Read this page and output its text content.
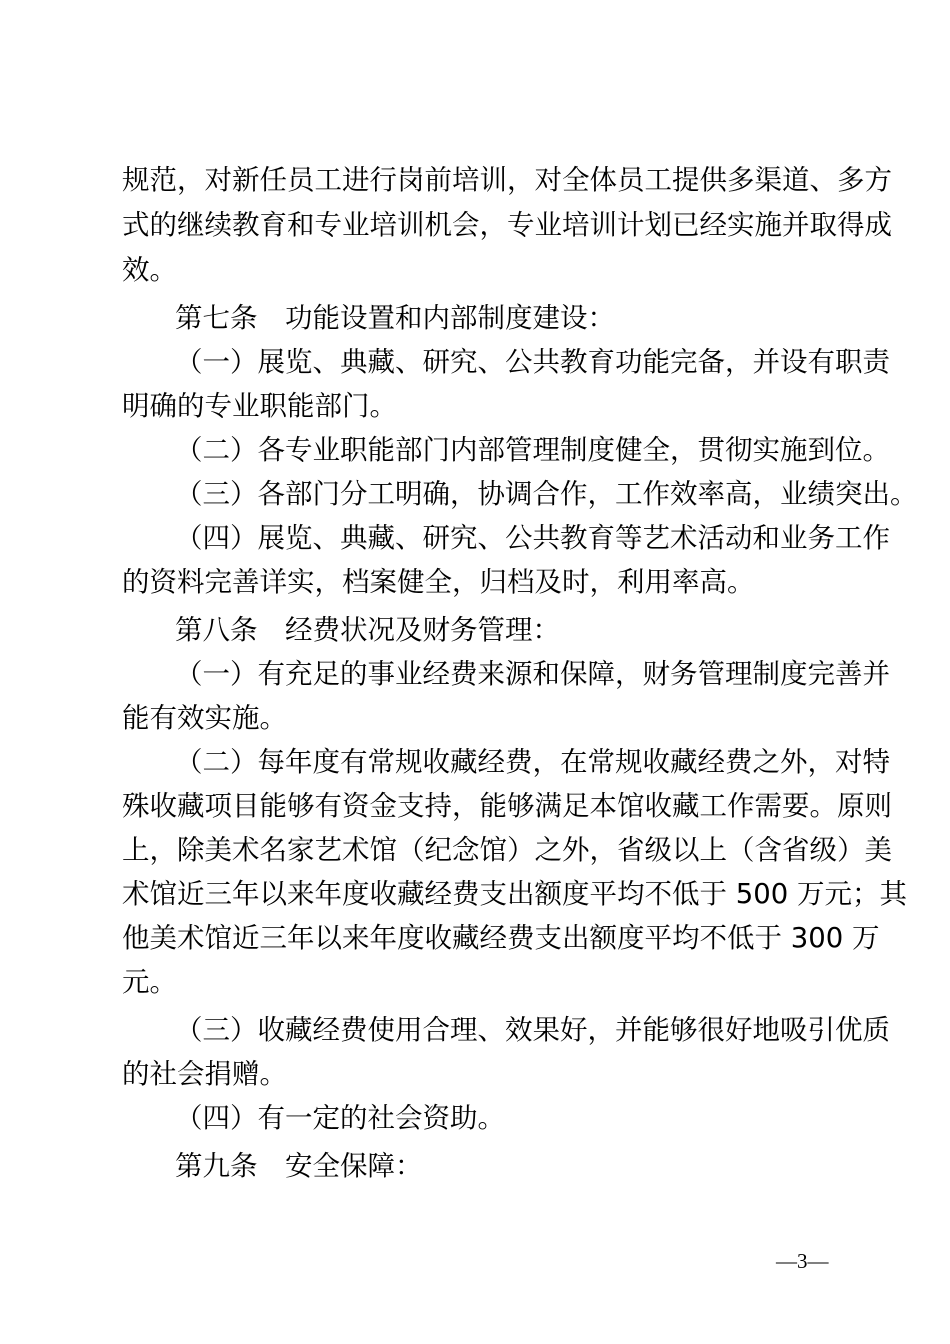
规范，对新任员工进行岗前培训，对全体员工提供多渠道、多方

式的继续教育和专业培训机会，专业培训计划已经实施并取得成

效。

第七条　功能设置和内部制度建设：

（一）展览、典藏、研究、公共教育功能完备，并设有职责

明确的专业职能部门。

（二）各专业职能部门内部管理制度健全，贯彻实施到位。

（三）各部门分工明确，协调合作，工作效率高，业绩突出。

（四）展览、典藏、研究、公共教育等艺术活动和业务工作

的资料完善详实，档案健全，归档及时，利用率高。

第八条　经费状况及财务管理：

（一）有充足的事业经费来源和保障，财务管理制度完善并

能有效实施。

（二）每年度有常规收藏经费，在常规收藏经费之外，对特

殊收藏项目能够有资金支持，能够满足本馆收藏工作需要。原则

上，除美术名家艺术馆（纪念馆）之外，省级以上（含省级）美

术馆近三年以来年度收藏经费支出额度平均不低于 500 万元；其

他美术馆近三年以来年度收藏经费支出额度平均不低于 300 万

元。

（三）收藏经费使用合理、效果好，并能够很好地吸引优质

的社会捐赠。

（四）有一定的社会资助。

第九条　安全保障：

—3—
